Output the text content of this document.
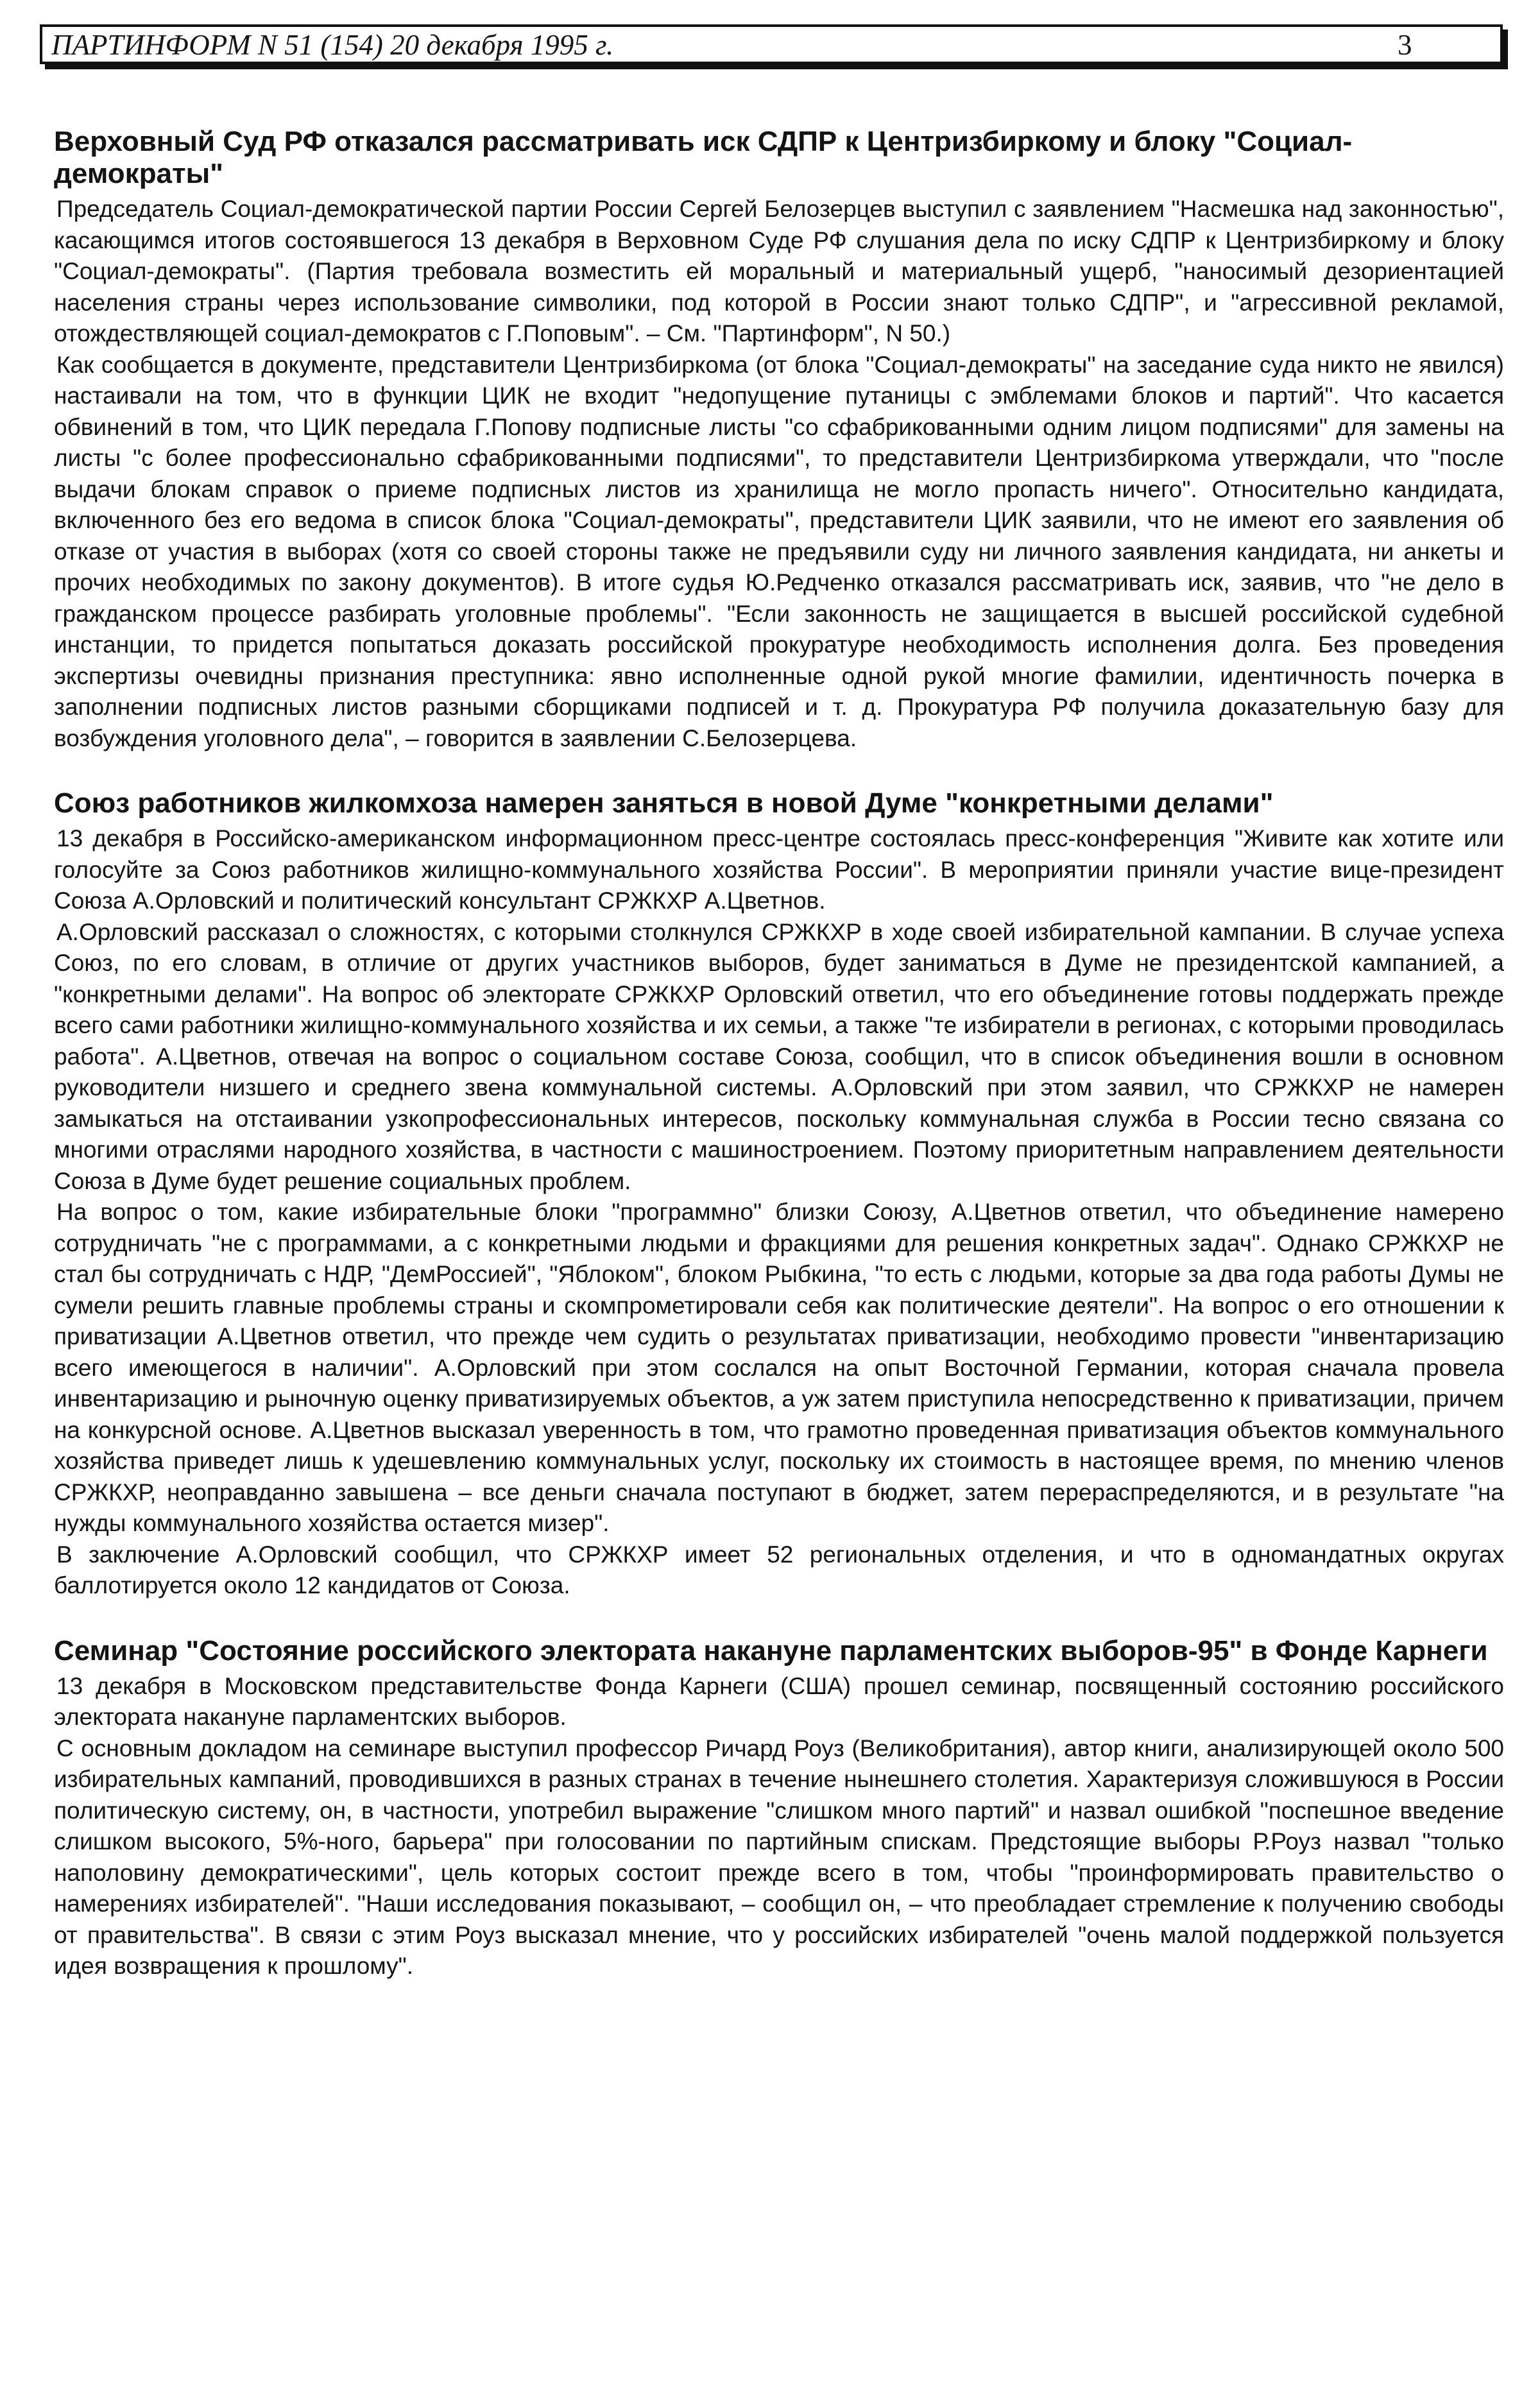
ПАРТИНФОРМ N 51 (154) 20 декабря 1995 г.	3
Верховный Суд РФ отказался рассматривать иск СДПР к Центризбиркому и блоку "Социал-демократы"

Председатель Социал-демократической партии России Сергей Белозерцев выступил с заявлением "Насмешка над законностью", касающимся итогов состоявшегося 13 декабря в Верховном Суде РФ слушания дела по иску СДПР к Центризбиркому и блоку "Социал-демократы". (Партия требовала возместить ей моральный и материальный ущерб, "наносимый дезориентацией населения страны через использование символики, под которой в России знают только СДПР", и "агрессивной рекламой, отождествляющей социал-демократов с Г.Поповым". – См. "Партинформ", N 50.)

Как сообщается в документе, представители Центризбиркома (от блока "Социал-демократы" на заседание суда никто не явился) настаивали на том, что в функции ЦИК не входит "недопущение путаницы с эмблемами блоков и партий". Что касается обвинений в том, что ЦИК передала Г.Попову подписные листы "со сфабрикованными одним лицом подписями" для замены на листы "с более профессионально сфабрикованными подписями", то представители Центризбиркома утверждали, что "после выдачи блокам справок о приеме подписных листов из хранилища не могло пропасть ничего". Относительно кандидата, включенного без его ведома в список блока "Социал-демократы", представители ЦИК заявили, что не имеют его заявления об отказе от участия в выборах (хотя со своей стороны также не предъявили суду ни личного заявления кандидата, ни анкеты и прочих необходимых по закону документов). В итоге судья Ю.Редченко отказался рассматривать иск, заявив, что "не дело в гражданском процессе разбирать уголовные проблемы". "Если законность не защищается в высшей российской судебной инстанции, то придется попытаться доказать российской прокуратуре необходимость исполнения долга. Без проведения экспертизы очевидны признания преступника: явно исполненные одной рукой многие фамилии, идентичность почерка в заполнении подписных листов разными сборщиками подписей и т. д. Прокуратура РФ получила доказательную базу для возбуждения уголовного дела", – говорится в заявлении С.Белозерцева.

Союз работников жилкомхоза намерен заняться в новой Думе "конкретными делами"

13 декабря в Российско-американском информационном пресс-центре состоялась пресс-конференция "Живите как хотите или голосуйте за Союз работников жилищно-коммунального хозяйства России". В мероприятии приняли участие вице-президент Союза А.Орловский и политический консультант СРЖКХР А.Цветнов.

А.Орловский рассказал о сложностях, с которыми столкнулся СРЖКХР в ходе своей избирательной кампании. В случае успеха Союз, по его словам, в отличие от других участников выборов, будет заниматься в Думе не президентской кампанией, а "конкретными делами". На вопрос об электорате СРЖКХР Орловский ответил, что его объединение готовы поддержать прежде всего сами работники жилищно-коммунального хозяйства и их семьи, а также "те избиратели в регионах, с которыми проводилась работа". А.Цветнов, отвечая на вопрос о социальном составе Союза, сообщил, что в список объединения вошли в основном руководители низшего и среднего звена коммунальной системы. А.Орловский при этом заявил, что СРЖКХР не намерен замыкаться на отстаивании узкопрофессиональных интересов, поскольку коммунальная служба в России тесно связана со многими отраслями народного хозяйства, в частности с машиностроением. Поэтому приоритетным направлением деятельности Союза в Думе будет решение социальных проблем.

На вопрос о том, какие избирательные блоки "программно" близки Союзу, А.Цветнов ответил, что объединение намерено сотрудничать "не с программами, а с конкретными людьми и фракциями для решения конкретных задач". Однако СРЖКХР не стал бы сотрудничать с НДР, "ДемРоссией", "Яблоком", блоком Рыбкина, "то есть с людьми, которые за два года работы Думы не сумели решить главные проблемы страны и скомпрометировали себя как политические деятели". На вопрос о его отношении к приватизации А.Цветнов ответил, что прежде чем судить о результатах приватизации, необходимо провести "инвентаризацию всего имеющегося в наличии". А.Орловский при этом сослался на опыт Восточной Германии, которая сначала провела инвентаризацию и рыночную оценку приватизируемых объектов, а уж затем приступила непосредственно к приватизации, причем на конкурсной основе. А.Цветнов высказал уверенность в том, что грамотно проведенная приватизация объектов коммунального хозяйства приведет лишь к удешевлению коммунальных услуг, поскольку их стоимость в настоящее время, по мнению членов СРЖКХР, неоправданно завышена – все деньги сначала поступают в бюджет, затем перераспределяются, и в результате "на нужды коммунального хозяйства остается мизер".

В заключение А.Орловский сообщил, что СРЖКХР имеет 52 региональных отделения, и что в одномандатных округах баллотируется около 12 кандидатов от Союза.

Семинар "Состояние российского электората накануне парламентских выборов-95" в Фонде Карнеги

13 декабря в Московском представительстве Фонда Карнеги (США) прошел семинар, посвященный состоянию российского электората накануне парламентских выборов.

С основным докладом на семинаре выступил профессор Ричард Роуз (Великобритания), автор книги, анализирующей около 500 избирательных кампаний, проводившихся в разных странах в течение нынешнего столетия. Характеризуя сложившуюся в России политическую систему, он, в частности, употребил выражение "слишком много партий" и назвал ошибкой "поспешное введение слишком высокого, 5%-ного, барьера" при голосовании по партийным спискам. Предстоящие выборы Р.Роуз назвал "только наполовину демократическими", цель которых состоит прежде всего в том, чтобы "проинформировать правительство о намерениях избирателей". "Наши исследования показывают, – сообщил он, – что преобладает стремление к получению свободы от правительства". В связи с этим Роуз высказал мнение, что у российских избирателей "очень малой поддержкой пользуется идея возвращения к прошлому".
